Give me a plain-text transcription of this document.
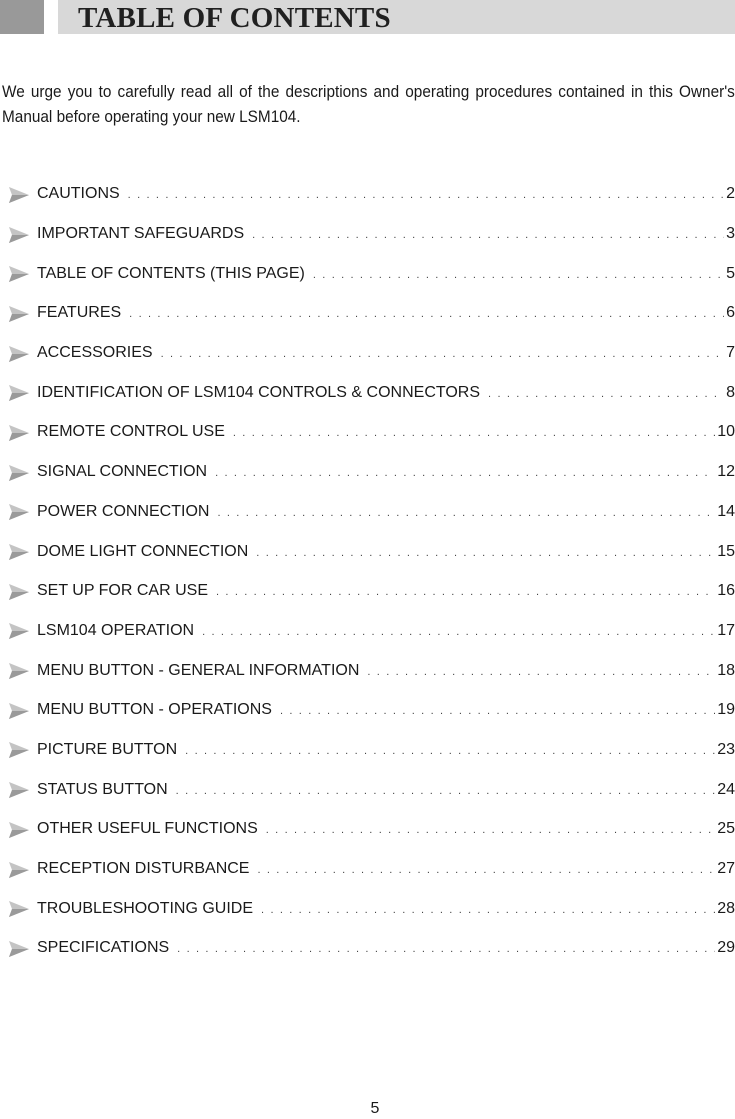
TABLE OF CONTENTS

We urge you to carefully read all of the descriptions and operating procedures contained in this Owner's Manual before operating your new LSM104.

CAUTIONS . . .	2
IMPORTANT SAFEGUARDS . . .	3
TABLE OF CONTENTS (THIS PAGE) . . .	5
FEATURES . . .	6
ACCESSORIES . . .	7
IDENTIFICATION OF LSM104 CONTROLS & CONNECTORS . . .	8
REMOTE CONTROL USE . . .	10
SIGNAL CONNECTION . . .	12
POWER CONNECTION . . .	14
DOME LIGHT CONNECTION . . .	15
SET UP FOR CAR USE . . .	16
LSM104 OPERATION . . .	17
MENU BUTTON - GENERAL INFORMATION . . .	18
MENU BUTTON - OPERATIONS . . .	19
PICTURE BUTTON . . .	23
STATUS BUTTON . . .	24
OTHER USEFUL FUNCTIONS . . .	25
RECEPTION DISTURBANCE . . .	27
TROUBLESHOOTING GUIDE . . .	28
SPECIFICATIONS . . .	29
5
